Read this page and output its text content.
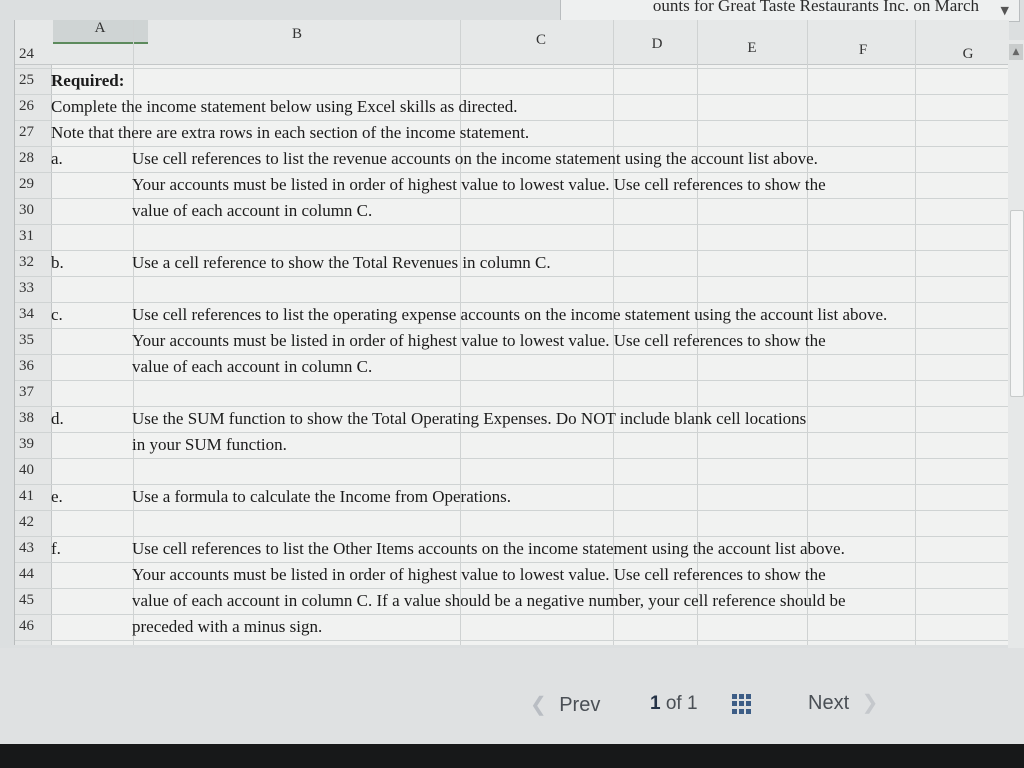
ounts for Great Taste Restaurants Inc. on March ▼
A	B	C	D	E	F	G
24
25	Required:
26	Complete the income statement below using Excel skills as directed.
27	Note that there are extra rows in each section of the income statement.
28	a.	Use cell references to list the revenue accounts on the income statement using the account list above.
29	Your accounts must be listed in order of highest value to lowest value. Use cell references to show the
30	value of each account in column C.
31
32	b.	Use a cell reference to show the Total Revenues in column C.
33
34	c.	Use cell references to list the operating expense accounts on the income statement using the account list above.
35	Your accounts must be listed in order of highest value to lowest value. Use cell references to show the
36	value of each account in column C.
37
38	d.	Use the SUM function to show the Total Operating Expenses. Do NOT include blank cell locations
39	in your SUM function.
40
41	e.	Use a formula to calculate the Income from Operations.
42
43	f.	Use cell references to list the Other Items accounts on the income statement using the account list above.
44	Your accounts must be listed in order of highest value to lowest value. Use cell references to show the
45	value of each account in column C. If a value should be a negative number, your cell reference should be
46	preceded with a minus sign.
▲
❮ Prev	1 of 1	Next ❯
